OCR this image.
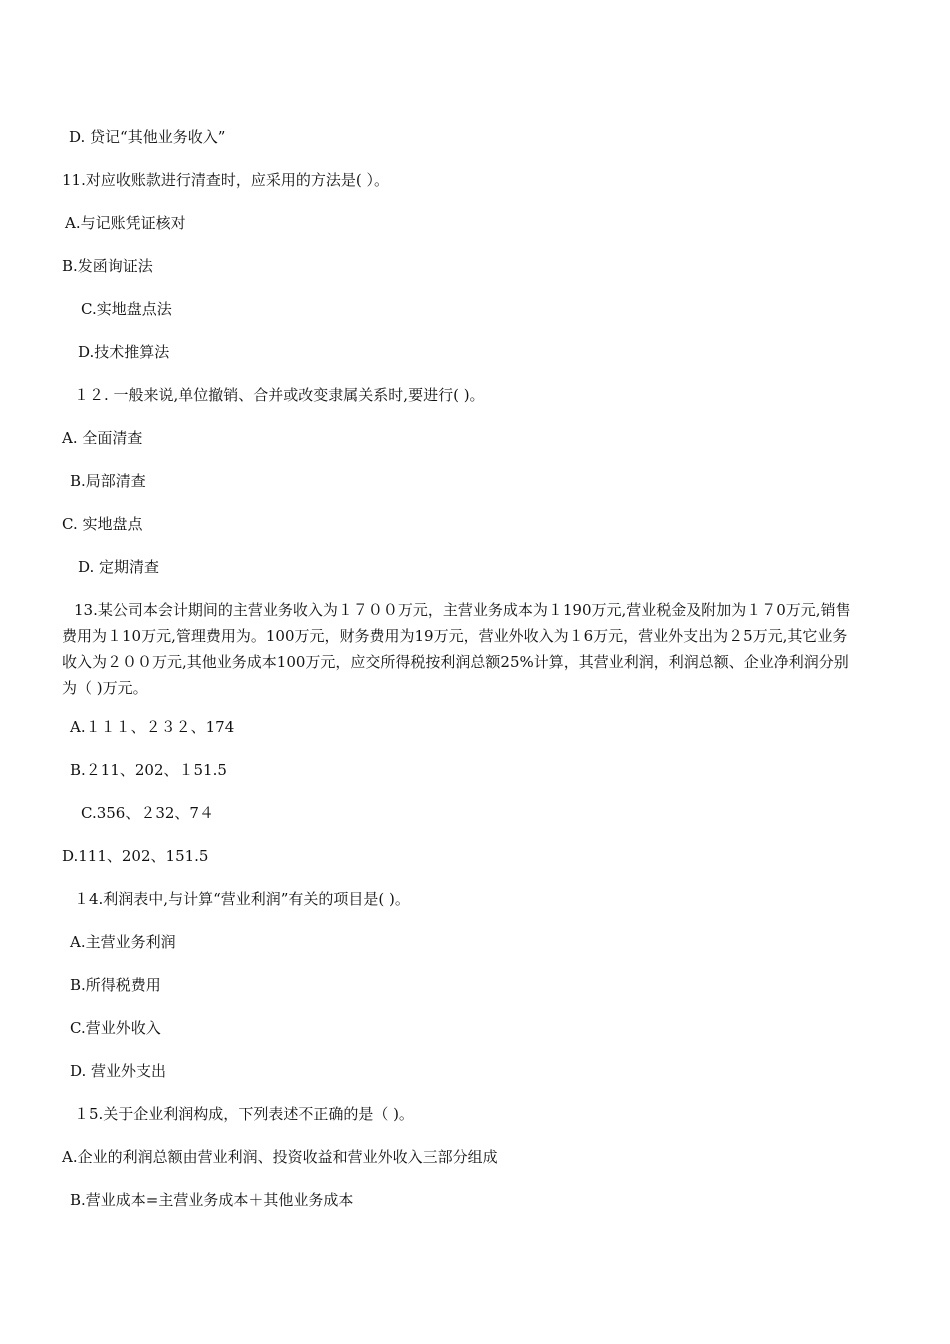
D. 贷记“其他业务收入”
11.对应收账款进行清查时，应采用的方法是( ）。
A.与记账凭证核对
B.发函询证法
C.实地盘点法
D.技术推算法
１２. 一般来说,单位撤销、合并或改变隶属关系时,要进行( )。
A. 全面清查
B.局部清查
C. 实地盘点
D. 定期清查
13.某公司本会计期间的主营业务收入为１７００万元，主营业务成本为１190万元,营业税金及附加为１７0万元,销售费用为１10万元,管理费用为。100万元，财务费用为19万元，营业外收入为１6万元，营业外支出为２5万元,其它业务收入为２００万元,其他业务成本100万元，应交所得税按利润总额25%计算，其营业利润，利润总额、企业净利润分别为（ )万元。
A.１１１、２３２、174
B.２11、202、１51.5
C.356、２32、7４
D.111、202、151.5
１4.利润表中,与计算“营业利润”有关的项目是( )。
A.主营业务利润
B.所得税费用
C.营业外收入
D. 营业外支出
１5.关于企业利润构成，下列表述不正确的是（ )。
A.企业的利润总额由营业利润、投资收益和营业外收入三部分组成
B.营业成本=主营业务成本＋其他业务成本
